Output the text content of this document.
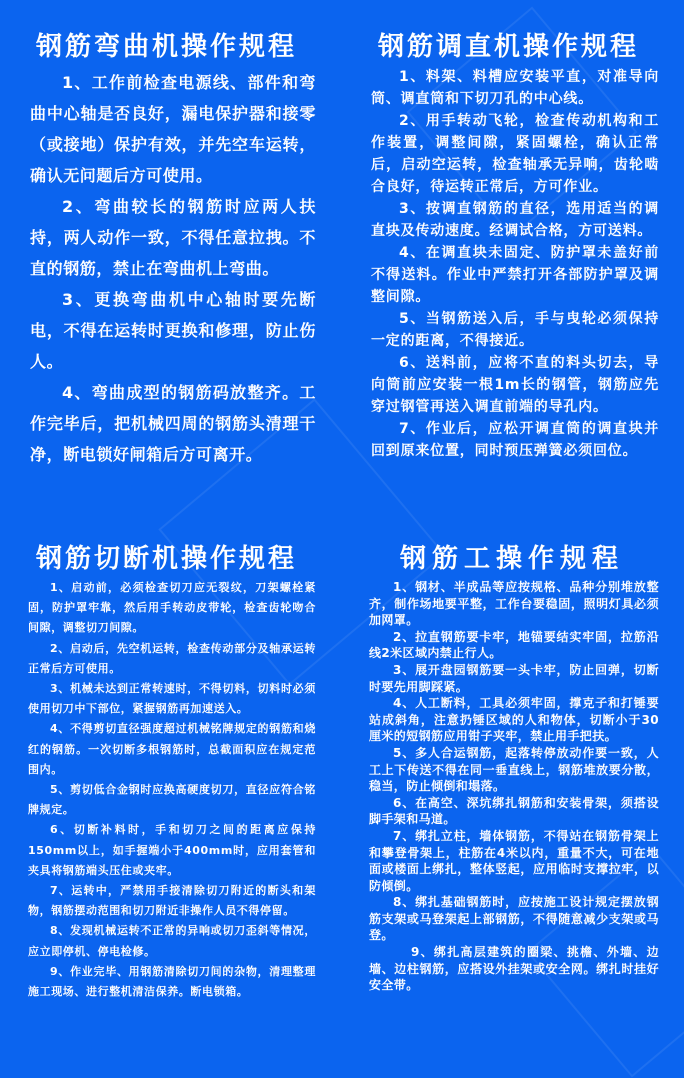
钢筋弯曲机操作规程

1、工作前检查电源线、部件和弯曲中心轴是否良好，漏电保护器和接零（或接地）保护有效，并先空车运转，确认无问题后方可使用。

2、弯曲较长的钢筋时应两人扶持，两人动作一致，不得任意拉拽。不直的钢筋，禁止在弯曲机上弯曲。

3、更换弯曲机中心轴时要先断电，不得在运转时更换和修理，防止伤人。

4、弯曲成型的钢筋码放整齐。工作完毕后，把机械四周的钢筋头清理干净，断电锁好闸箱后方可离开。

钢筋调直机操作规程

1、料架、料槽应安装平直，对准导向筒、调直筒和下切刀孔的中心线。

2、用手转动飞轮，检查传动机构和工作装置，调整间隙，紧固螺栓，确认正常后，启动空运转，检查轴承无异响，齿轮啮合良好，待运转正常后，方可作业。

3、按调直钢筋的直径，选用适当的调直块及传动速度。经调试合格，方可送料。

4、在调直块未固定、防护罩未盖好前不得送料。作业中严禁打开各部防护罩及调整间隙。

5、当钢筋送入后，手与曳轮必须保持一定的距离，不得接近。

6、送料前，应将不直的料头切去，导向筒前应安装一根1m长的钢管，钢筋应先穿过钢管再送入调直前端的导孔内。

7、作业后，应松开调直筒的调直块并回到原来位置，同时预压弹簧必须回位。

钢筋切断机操作规程

1、启动前，必须检查切刀应无裂纹，刀架螺栓紧固，防护罩牢靠，然后用手转动皮带轮，检查齿轮吻合间隙，调整切刀间隙。

2、启动后，先空机运转，检查传动部分及轴承运转正常后方可使用。

3、机械未达到正常转速时，不得切料，切料时必须使用切刀中下部位，紧握钢筋再加速送入。

4、不得剪切直径强度超过机械铭牌规定的钢筋和烧红的钢筋。一次切断多根钢筋时，总截面积应在规定范围内。

5、剪切低合金钢时应换高硬度切刀，直径应符合铭牌规定。

6、切断补料时，手和切刀之间的距离应保持150mm以上，如手握端小于400mm时，应用套管和夹具将钢筋端头压住或夹牢。

7、运转中，严禁用手接清除切刀附近的断头和架物，钢筋摆动范围和切刀附近非操作人员不得停留。

8、发现机械运转不正常的异响或切刀歪斜等情况，应立即停机、停电检修。

9、作业完毕、用钢筋清除切刀间的杂物，清理整理施工现场、进行整机清洁保养。断电锁箱。

钢筋工操作规程

1、钢材、半成品等应按规格、品种分别堆放整齐，制作场地要平整，工作台要稳固，照明灯具必须加网罩。

2、拉直钢筋要卡牢，地锚要结实牢固，拉筋沿线2米区域内禁止行人。

3、展开盘园钢筋要一头卡牢，防止回弹，切断时要先用脚踩紧。

4、人工断料，工具必须牢固，撑克子和打锤要站成斜角，注意扔锤区域的人和物体，切断小于30厘米的短钢筋应用钳子夹牢，禁止用手把扶。

5、多人合运钢筋，起落转停放动作要一致，人工上下传送不得在同一垂直线上，钢筋堆放要分散，稳当，防止倾倒和塌落。

6、在高空、深坑绑扎钢筋和安装骨架，须搭设脚手架和马道。

7、绑扎立柱，墙体钢筋，不得站在钢筋骨架上和攀登骨架上，柱筋在4米以内，重量不大，可在地面或楼面上绑扎，整体竖起，应用临时支撑拉牢，以防倾倒。

8、绑扎基础钢筋时，应按施工设计规定摆放钢筋支架或马登架起上部钢筋，不得随意减少支架或马登。

9、绑扎高层建筑的圈梁、挑檐、外墙、边墙、边柱钢筋，应搭设外挂架或安全网。绑扎时挂好安全带。
